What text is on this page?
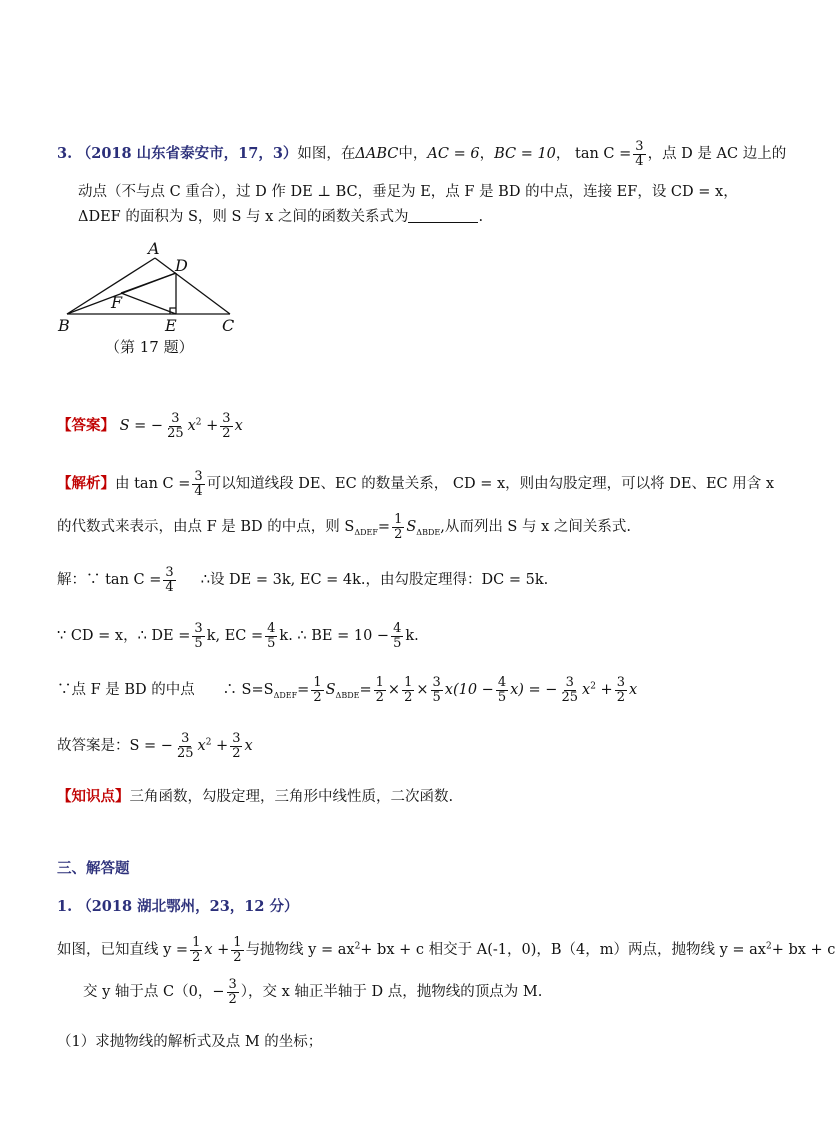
3. （2018 山东省泰安市，17，3）如图，在ΔABC中，AC = 6，BC = 10， $\tan C = \frac{3}{4}$ ，点 D 是 AC 边上的
动点（不与点 C 重合），过 D 作 DE ⊥ BC，垂足为 E，点 F 是 BD 的中点，连接 EF，设 CD = x，
ΔDEF 的面积为 S，则 S 与 x 之间的函数关系式为	.
A
D
F
B	E	C
（第 17 题）
【答案】 S = − $\frac{3}{25} x^2 + \frac{3}{2}$ x
【解析】由 $\tan C = \frac{3}{4}$ 可以知道线段 DE、EC 的数量关系， CD = x，则由勾股定理，可以将 DE、EC 用含 x
的代数式来表示，由点 F 是 BD 的中点，则 $S_{\Delta DEF}= \frac{1}{2} S_{\Delta BDE}$,从而列出 S 与 x 之间关系式.
解：∵ $\tan C = \frac{3}{4}$ ∴设 DE = 3k, EC = 4k.，由勾股定理得：DC = 5k.
∵ CD = x，∴ DE = $\frac{3}{5} k$, EC = $\frac{4}{5} k$. ∴ BE = $10 - \frac{4}{5} k$.
∵点 F 是 BD 的中点 ∴ $S=S_{\Delta DEF}= \frac{1}{2} S_{\Delta BDE}= \frac{1}{2} \times \frac{1}{2} \times \frac{3}{5} x(10 - \frac{4}{5} x)$ = − $\frac{3}{25} x^2 + \frac{3}{2}$ x
故答案是：S = − $\frac{3}{25} x^2 + \frac{3}{2}$ x
【知识点】三角函数，勾股定理，三角形中线性质，二次函数.
三、解答题
1. （2018 湖北鄂州，23，12 分）
如图，已知直线 $y = \frac{1}{2}$ $x + \frac{1}{2}$ 与抛物线 $y = ax^2+$ bx + c 相交于 A(-1，0)，B（4，m）两点，抛物线 $y = ax^2+$ bx + c
交 y 轴于点 C（0，− $\frac{3}{2}$ ），交 x 轴正半轴于 D 点，抛物线的顶点为 M.
（1）求抛物线的解析式及点 M 的坐标；
